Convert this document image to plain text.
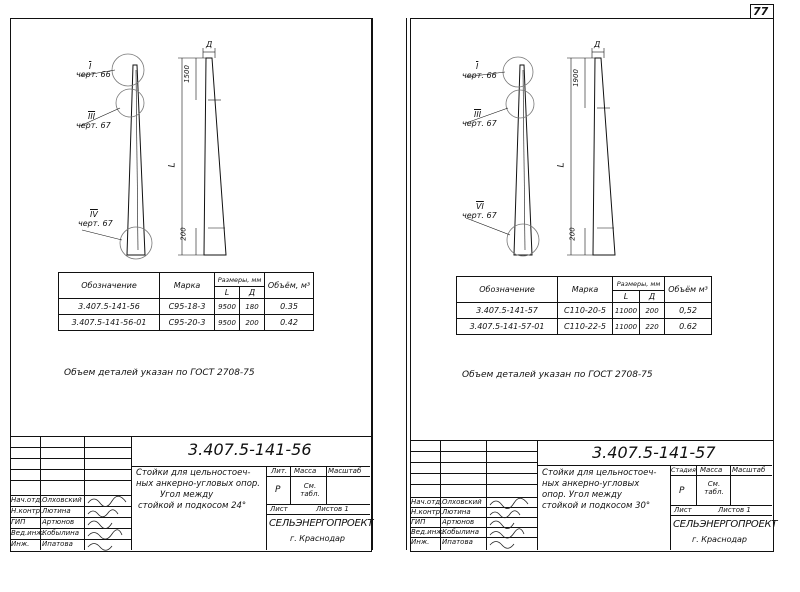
77
$\overline{I}$
черт. 66
$\overline{III}$
черт. 67
$\overline{IV}$
черт. 67
Д
1500
L
200
Обозначение	Марка	Размеры, мм		Объём, м³
		L	Д	
3.407.5-141-56	С95-18-3	9500	180	0.35
3.407.5-141-56-01	С95-20-3	9500	200	0.42
Объем деталей указан по ГОСТ 2708-75
3.407.5-141-56
Стойки для цельностоеч-
ных анкерно-угловых опор.
Угол между
стойкой и подкосом 24°
Лит. Масса Масштаб
Р	См. табл.
Лист	Листов 1
СЕЛЬЭНЕРГОПРОЕКТ
г. Краснодар
Нач.отд. Олховский
Н.контр. Лютина
ГИП Артюнов
Вед.инж.
Кобылина
Инж. Ипатова
$\overline{I}$
черт. 66
$\overline{III}$
черт. 67
$\overline{VI}$
черт. 67
Д
1900
L
200
Обозначение	Марка	Размеры, мм		Объём м³
		L	Д	
3.407.5-141-57	С110-20-5	11000	200	0,52
3.407.5-141-57-01	С110-22-5	11000	220	0.62
Объем деталей указан по ГОСТ 2708-75
3.407.5-141-57
Стойки для цельностоеч-
ных анкерно-угловых
опор. Угол между
стойкой и подкосом 30°
Стадия Масса Масштаб
Р
См. табл.
Лист	Листов 1
СЕЛЬЭНЕРГОПРОЕКТ
г. Краснодар
Нач.отд. Олховский
Н.контр. Лютина
ГИП Артюнов
Вед.инж.
Кобылина
Инж. Ипатова
